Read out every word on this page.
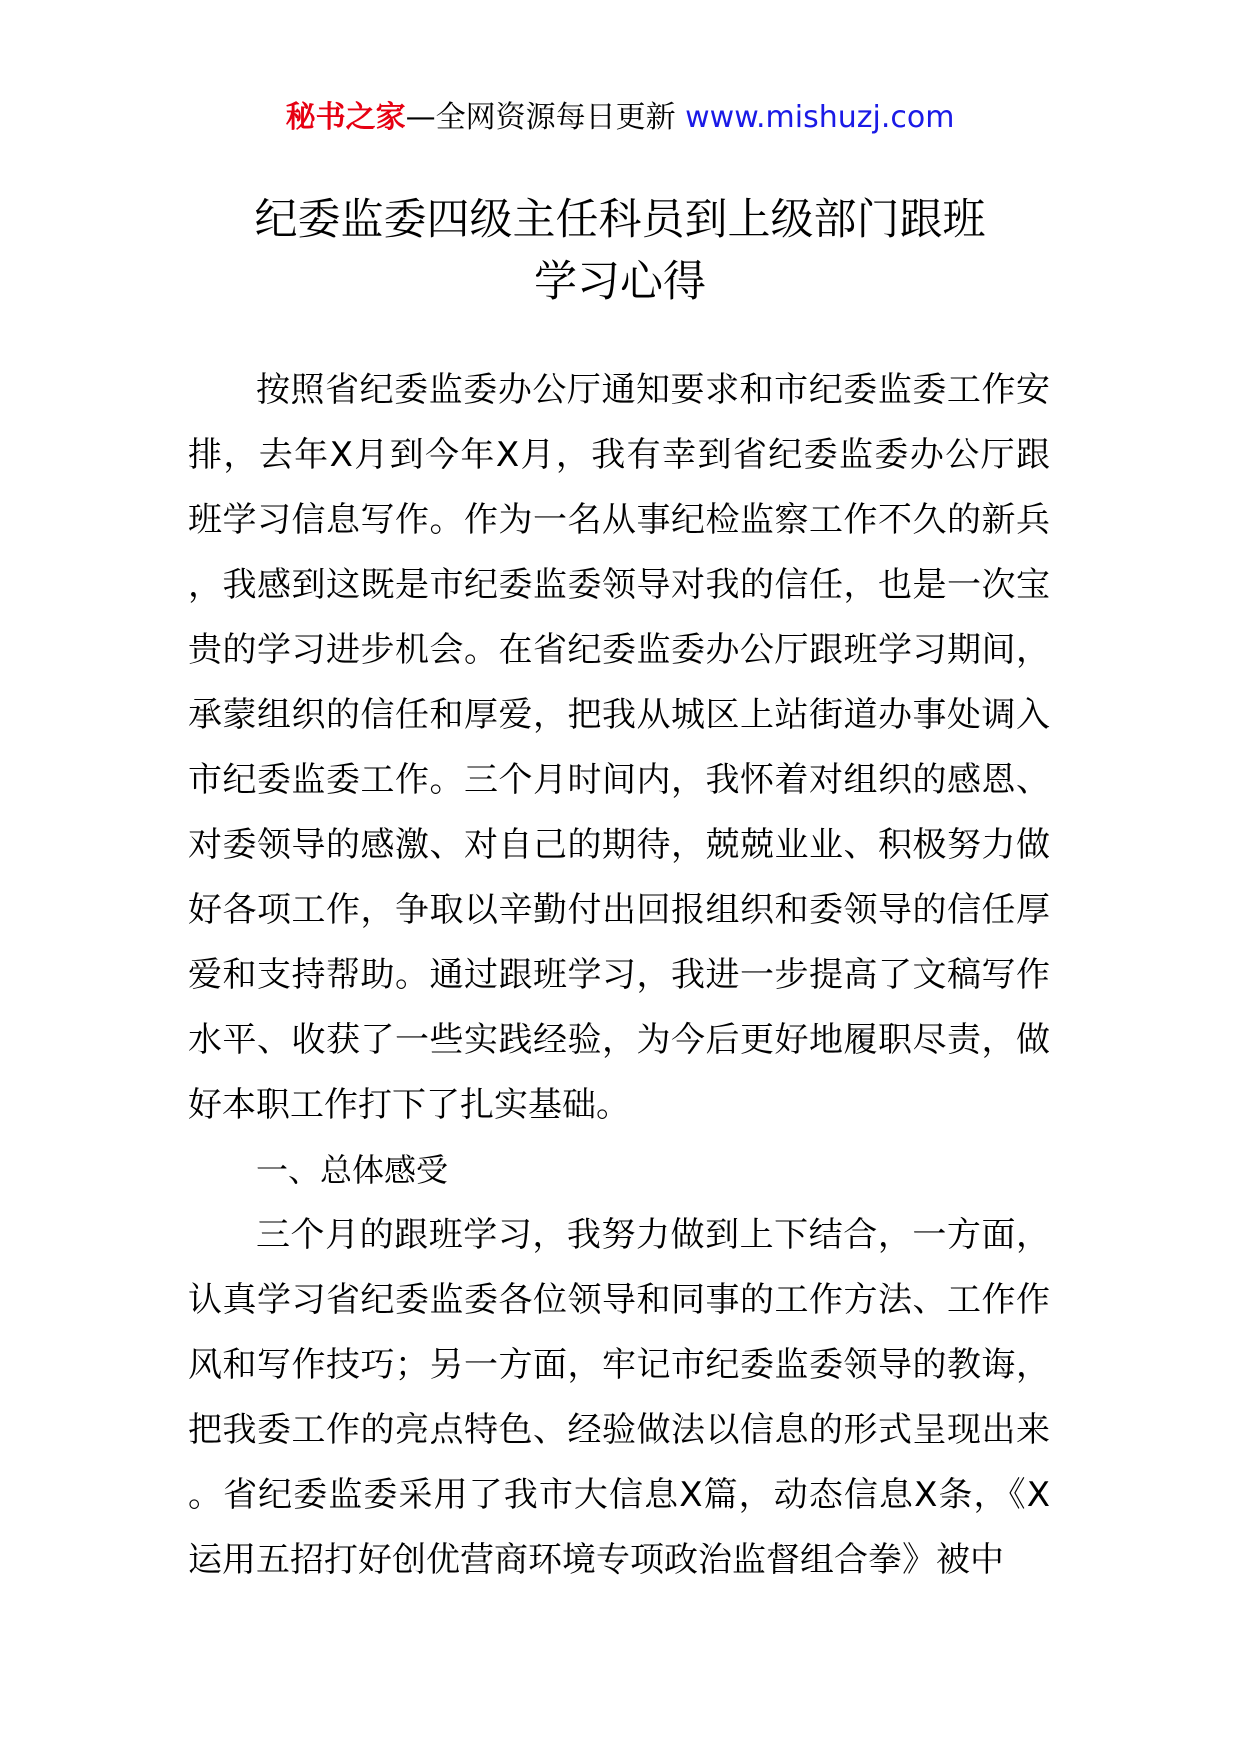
秘书之家—全网资源每日更新 www.mishuzj.com
纪委监委四级主任科员到上级部门跟班
学习心得

按照省纪委监委办公厅通知要求和市纪委监委工作安排，去年X月到今年X月，我有幸到省纪委监委办公厅跟班学习信息写作。作为一名从事纪检监察工作不久的新兵，我感到这既是市纪委监委领导对我的信任，也是一次宝贵的学习进步机会。在省纪委监委办公厅跟班学习期间，承蒙组织的信任和厚爱，把我从城区上站街道办事处调入市纪委监委工作。三个月时间内，我怀着对组织的感恩、对委领导的感激、对自己的期待，兢兢业业、积极努力做好各项工作，争取以辛勤付出回报组织和委领导的信任厚爱和支持帮助。通过跟班学习，我进一步提高了文稿写作水平、收获了一些实践经验，为今后更好地履职尽责，做好本职工作打下了扎实基础。

一、总体感受

三个月的跟班学习，我努力做到上下结合，一方面，认真学习省纪委监委各位领导和同事的工作方法、工作作风和写作技巧；另一方面，牢记市纪委监委领导的教诲，把我委工作的亮点特色、经验做法以信息的形式呈现出来。省纪委监委采用了我市大信息X篇，动态信息X条，《X运用五招打好创优营商环境专项政治监督组合拳》被中
